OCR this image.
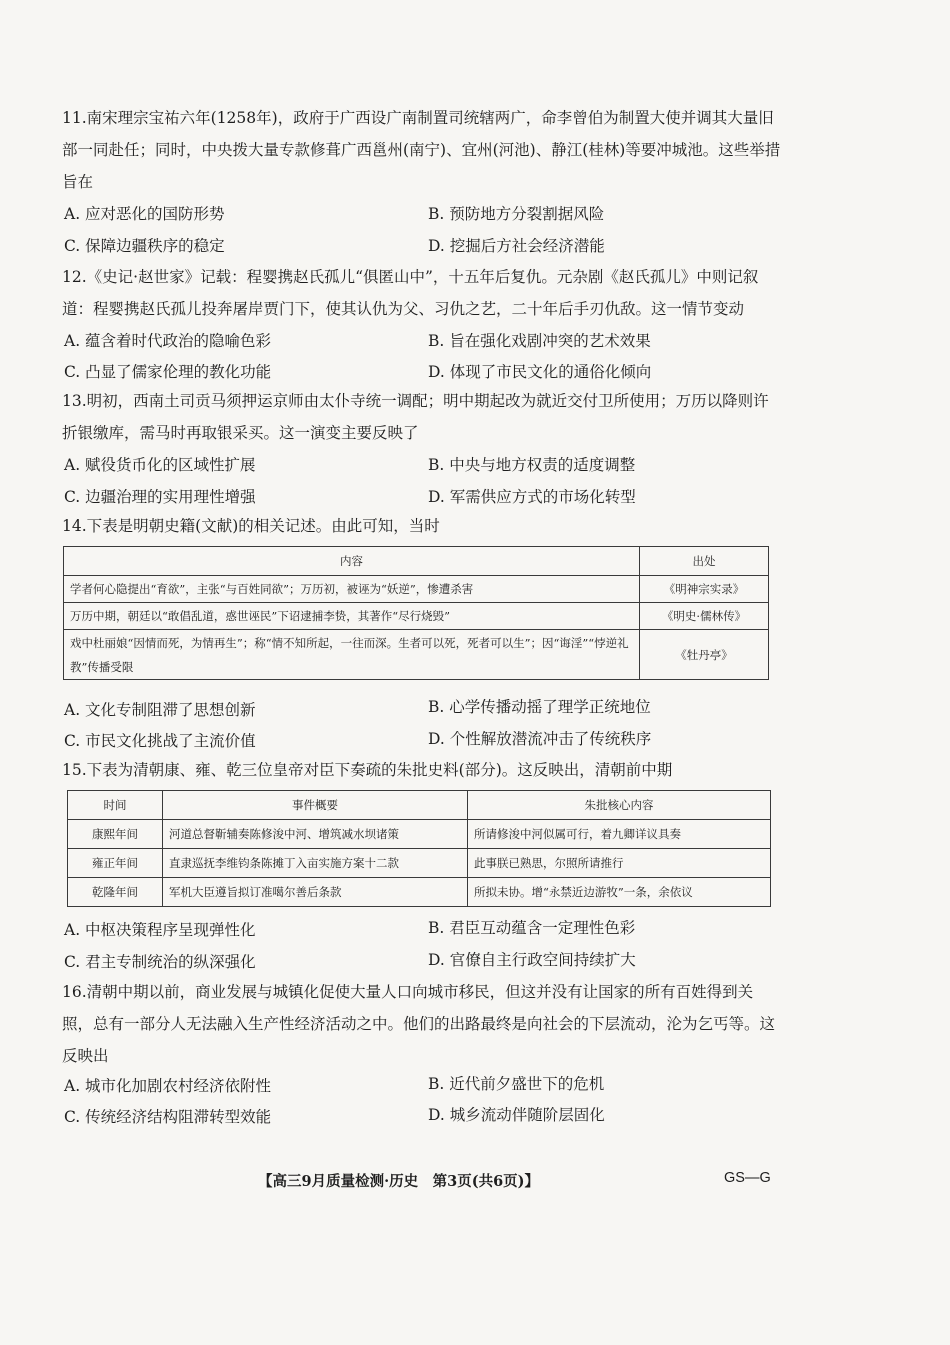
11.南宋理宗宝祐六年(1258年)，政府于广西设广南制置司统辖两广，命李曾伯为制置大使并调其大量旧部一同赴任；同时，中央拨大量专款修葺广西邕州(南宁)、宜州(河池)、静江(桂林)等要冲城池。这些举措旨在
A. 应对恶化的国防形势	B. 预防地方分裂割据风险
C. 保障边疆秩序的稳定	D. 挖掘后方社会经济潜能
12.《史记·赵世家》记载：程婴携赵氏孤儿“俱匿山中”，十五年后复仇。元杂剧《赵氏孤儿》中则记叙道：程婴携赵氏孤儿投奔屠岸贾门下，使其认仇为父、习仇之艺，二十年后手刃仇敌。这一情节变动
A. 蕴含着时代政治的隐喻色彩	B. 旨在强化戏剧冲突的艺术效果
C. 凸显了儒家伦理的教化功能	D. 体现了市民文化的通俗化倾向
13.明初，西南土司贡马须押运京师由太仆寺统一调配；明中期起改为就近交付卫所使用；万历以降则许折银缴库，需马时再取银采买。这一演变主要反映了
A. 赋役货币化的区域性扩展	B. 中央与地方权责的适度调整
C. 边疆治理的实用理性增强	D. 军需供应方式的市场化转型
14.下表是明朝史籍(文献)的相关记述。由此可知，当时
内容	出处
学者何心隐提出“育欲”，主张“与百姓同欲”；万历初，被诬为“妖逆”，惨遭杀害	《明神宗实录》
万历中期，朝廷以“敢倡乱道，惑世诬民”下诏逮捕李贽，其著作“尽行烧毁”	《明史·儒林传》
戏中杜丽娘“因情而死，为情再生”；称“情不知所起，一往而深。生者可以死，死者可以生”；因“诲淫”“悖逆礼教”传播受限	《牡丹亭》
A. 文化专制阻滞了思想创新	B. 心学传播动摇了理学正统地位
C. 市民文化挑战了主流价值	D. 个性解放潜流冲击了传统秩序
15.下表为清朝康、雍、乾三位皇帝对臣下奏疏的朱批史料(部分)。这反映出，清朝前中期
时间	事件概要	朱批核心内容
康熙年间	河道总督靳辅奏陈修浚中河、增筑减水坝诸策	所请修浚中河似属可行，着九卿详议具奏
雍正年间	直隶巡抚李维钧条陈摊丁入亩实施方案十二款	此事朕已熟思，尔照所请推行
乾隆年间	军机大臣遵旨拟订准噶尔善后条款	所拟未协。增“永禁近边游牧”一条，余依议
A. 中枢决策程序呈现弹性化	B. 君臣互动蕴含一定理性色彩
C. 君主专制统治的纵深强化	D. 官僚自主行政空间持续扩大
16.清朝中期以前，商业发展与城镇化促使大量人口向城市移民，但这并没有让国家的所有百姓得到关照，总有一部分人无法融入生产性经济活动之中。他们的出路最终是向社会的下层流动，沦为乞丐等。这反映出
A. 城市化加剧农村经济依附性	B. 近代前夕盛世下的危机
C. 传统经济结构阻滞转型效能	D. 城乡流动伴随阶层固化
【高三9月质量检测·历史　第3页(共6页)】	GS—G
